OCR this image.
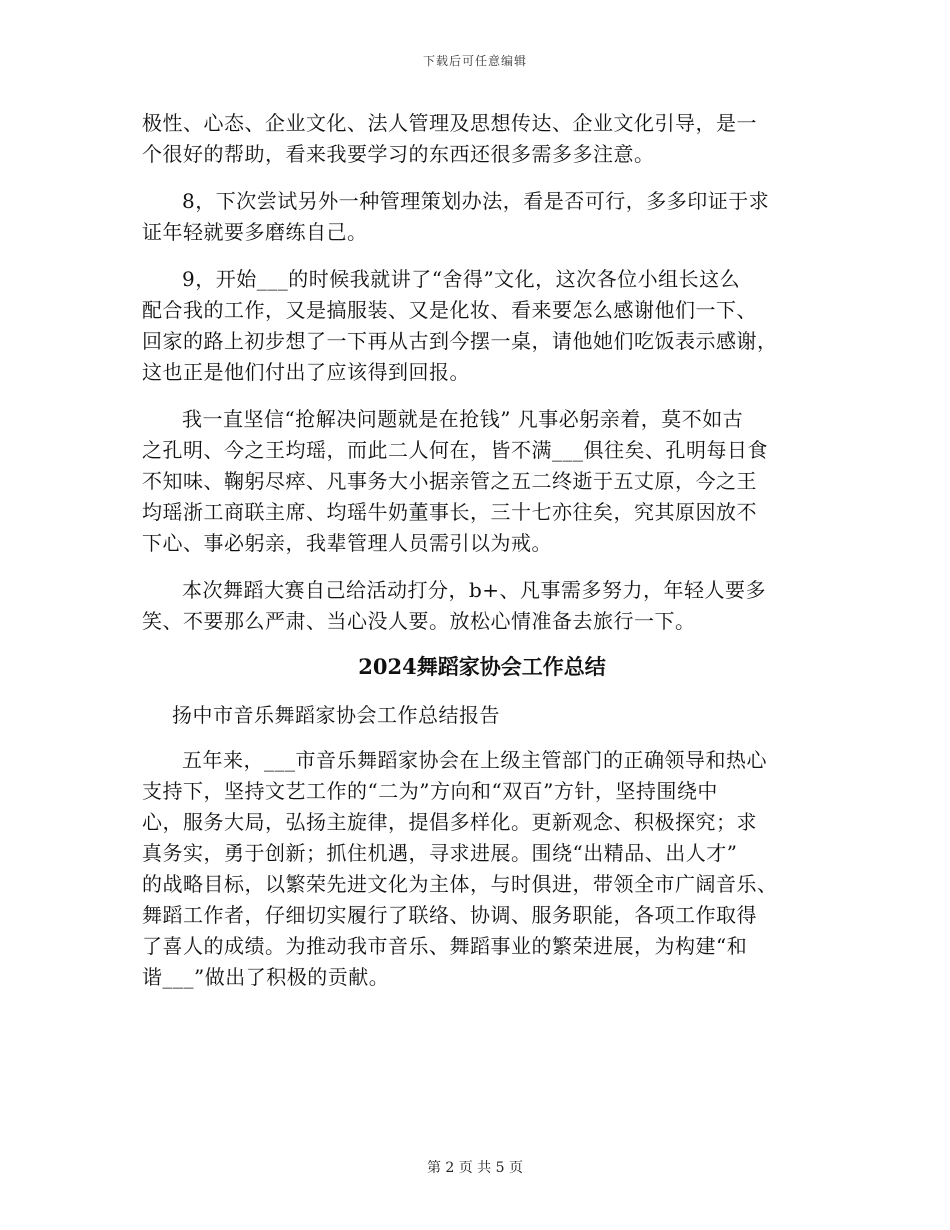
下载后可任意编辑

极性、心态、企业文化、法人管理及思想传达、企业文化引导，是一

个很好的帮助，看来我要学习的东西还很多需多多注意。

8，下次尝试另外一种管理策划办法，看是否可行，多多印证于求

证年轻就要多磨练自己。

9，开始___的时候我就讲了“舍得”文化，这次各位小组长这么

配合我的工作，又是搞服装、又是化妆、看来要怎么感谢他们一下、

回家的路上初步想了一下再从古到今摆一桌，请他她们吃饭表示感谢，

这也正是他们付出了应该得到回报。

我一直坚信“抢解决问题就是在抢钱” 凡事必躬亲着，莫不如古

之孔明、今之王均瑶，而此二人何在，皆不满___俱往矣、孔明每日食

不知味、鞠躬尽瘁、凡事务大小据亲管之五二终逝于五丈原，今之王

均瑶浙工商联主席、均瑶牛奶董事长，三十七亦往矣，究其原因放不

下心、事必躬亲，我辈管理人员需引以为戒。

本次舞蹈大赛自己给活动打分，b+、凡事需多努力，年轻人要多

笑、不要那么严肃、当心没人要。放松心情准备去旅行一下。

2024舞蹈家协会工作总结

扬中市音乐舞蹈家协会工作总结报告

五年来，___市音乐舞蹈家协会在上级主管部门的正确领导和热心

支持下，坚持文艺工作的“二为”方向和“双百”方针，坚持围绕中

心，服务大局，弘扬主旋律，提倡多样化。更新观念、积极探究；求

真务实，勇于创新；抓住机遇，寻求进展。围绕“出精品、出人才”

的战略目标，以繁荣先进文化为主体，与时俱进，带领全市广阔音乐、

舞蹈工作者，仔细切实履行了联络、协调、服务职能，各项工作取得

了喜人的成绩。为推动我市音乐、舞蹈事业的繁荣进展，为构建“和

谐___”做出了积极的贡献。

第 2 页 共 5 页
